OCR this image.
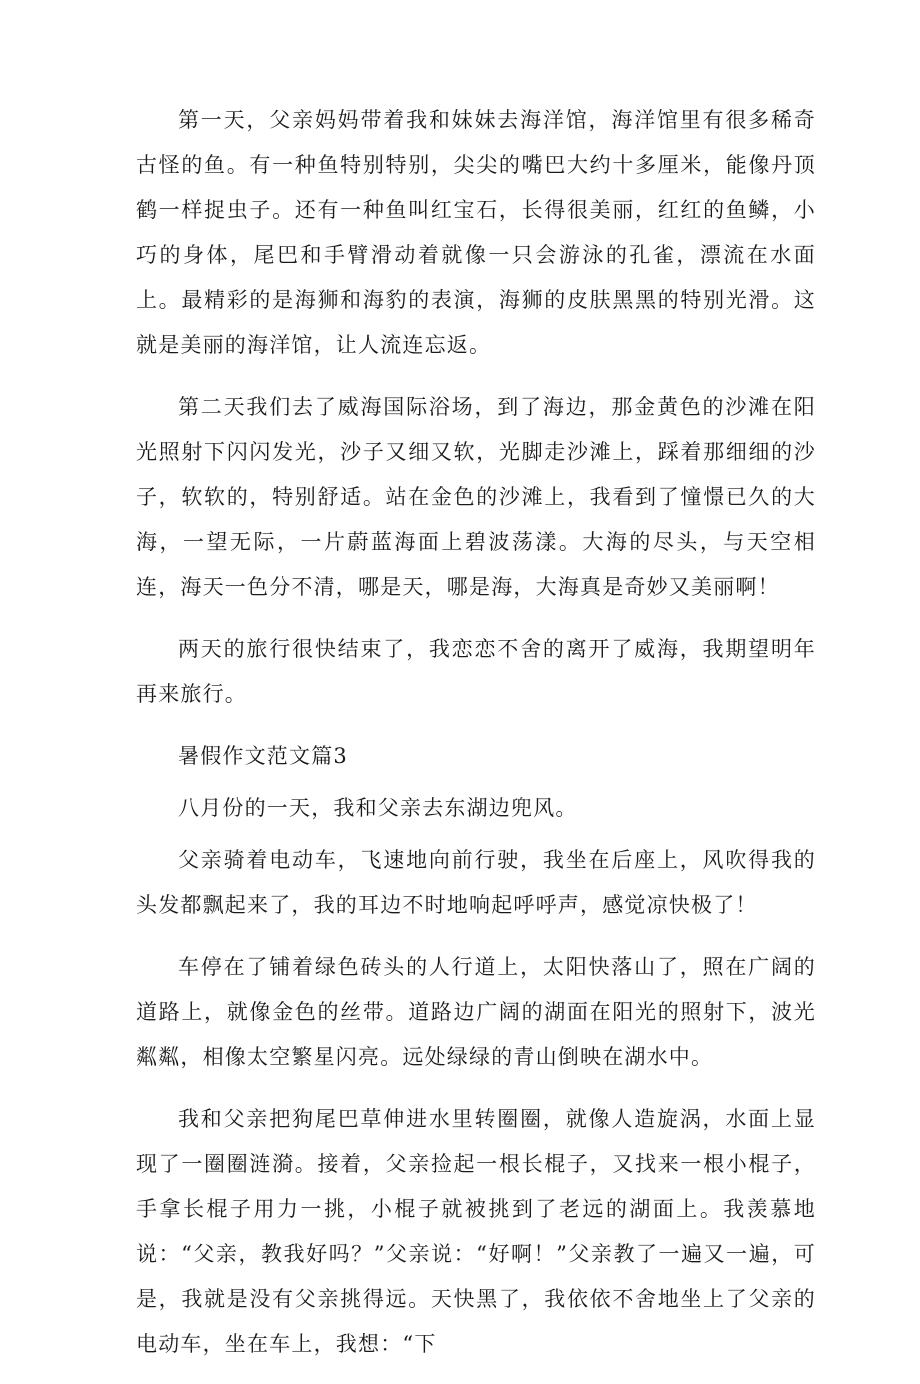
第一天，父亲妈妈带着我和妹妹去海洋馆，海洋馆里有很多稀奇古怪的鱼。有一种鱼特别特别，尖尖的嘴巴大约十多厘米，能像丹顶鹤一样捉虫子。还有一种鱼叫红宝石，长得很美丽，红红的鱼鳞，小巧的身体，尾巴和手臂滑动着就像一只会游泳的孔雀，漂流在水面上。最精彩的是海狮和海豹的表演，海狮的皮肤黑黑的特别光滑。这就是美丽的海洋馆，让人流连忘返。

第二天我们去了威海国际浴场，到了海边，那金黄色的沙滩在阳光照射下闪闪发光，沙子又细又软，光脚走沙滩上，踩着那细细的沙子，软软的，特别舒适。站在金色的沙滩上，我看到了憧憬已久的大海，一望无际，一片蔚蓝海面上碧波荡漾。大海的尽头，与天空相连，海天一色分不清，哪是天，哪是海，大海真是奇妙又美丽啊！

两天的旅行很快结束了，我恋恋不舍的离开了威海，我期望明年再来旅行。

暑假作文范文篇3

八月份的一天，我和父亲去东湖边兜风。

父亲骑着电动车，飞速地向前行驶，我坐在后座上，风吹得我的头发都飘起来了，我的耳边不时地响起呼呼声，感觉凉快极了！

车停在了铺着绿色砖头的人行道上，太阳快落山了，照在广阔的道路上，就像金色的丝带。道路边广阔的湖面在阳光的照射下，波光粼粼，相像太空繁星闪亮。远处绿绿的青山倒映在湖水中。

我和父亲把狗尾巴草伸进水里转圈圈，就像人造旋涡，水面上显现了一圈圈涟漪。接着，父亲捡起一根长棍子，又找来一根小棍子，手拿长棍子用力一挑，小棍子就被挑到了老远的湖面上。我羡慕地说：“父亲，教我好吗？”父亲说：“好啊！”父亲教了一遍又一遍，可是，我就是没有父亲挑得远。天快黑了，我依依不舍地坐上了父亲的电动车，坐在车上，我想：“下
